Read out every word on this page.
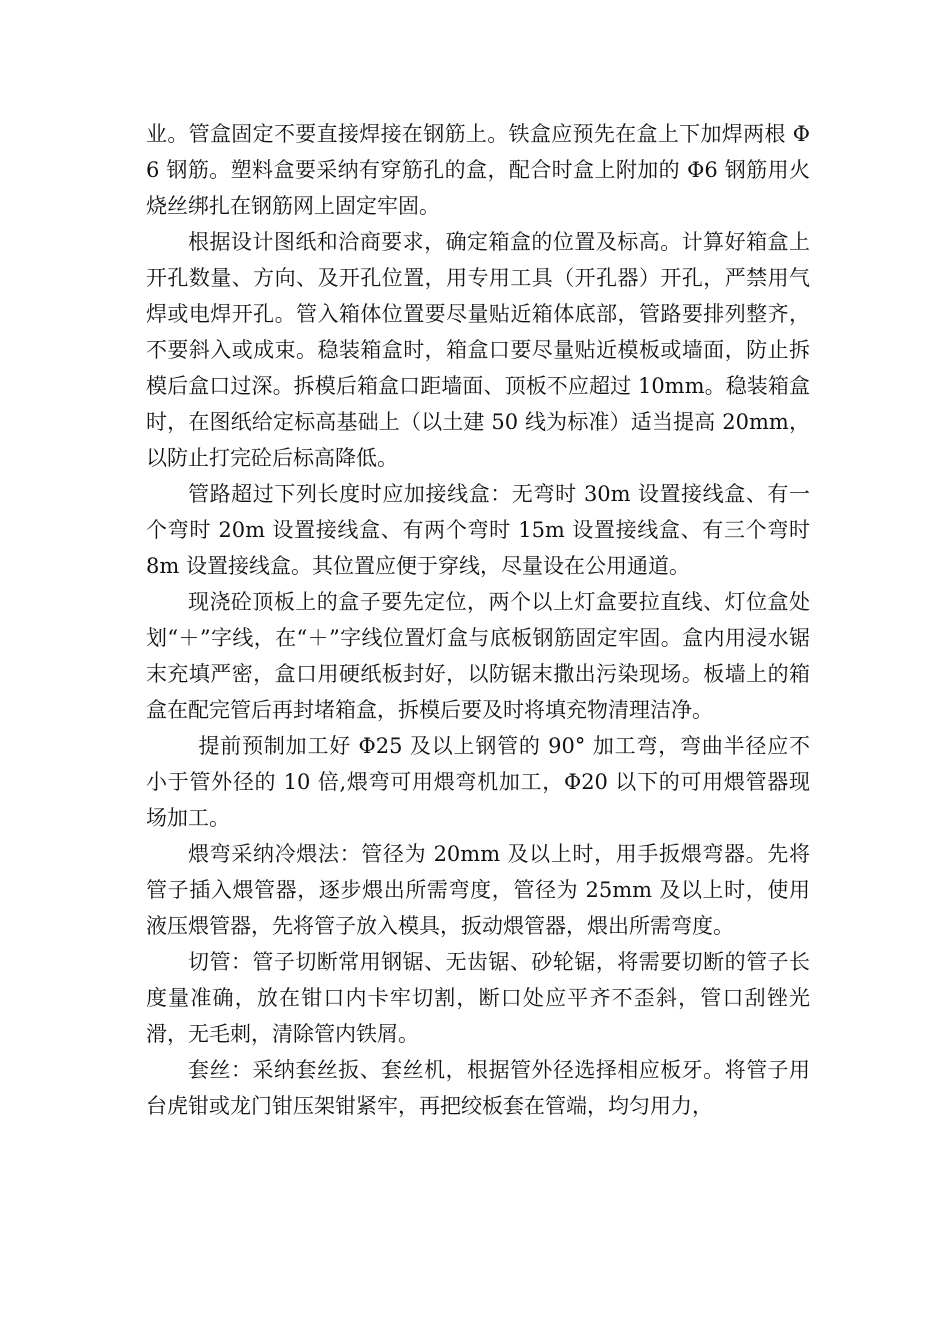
业。管盒固定不要直接焊接在钢筋上。铁盒应预先在盒上下加焊两根 Φ6 钢筋。塑料盒要采纳有穿筋孔的盒，配合时盒上附加的 Φ6 钢筋用火烧丝绑扎在钢筋网上固定牢固。

根据设计图纸和洽商要求，确定箱盒的位置及标高。计算好箱盒上开孔数量、方向、及开孔位置，用专用工具（开孔器）开孔，严禁用气焊或电焊开孔。管入箱体位置要尽量贴近箱体底部，管路要排列整齐，不要斜入或成束。稳装箱盒时，箱盒口要尽量贴近模板或墙面，防止拆模后盒口过深。拆模后箱盒口距墙面、顶板不应超过 10mm。稳装箱盒时，在图纸给定标高基础上（以土建 50 线为标准）适当提高 20mm，以防止打完砼后标高降低。

管路超过下列长度时应加接线盒：无弯时 30m 设置接线盒、有一个弯时 20m 设置接线盒、有两个弯时 15m 设置接线盒、有三个弯时 8m 设置接线盒。其位置应便于穿线，尽量设在公用通道。

现浇砼顶板上的盒子要先定位，两个以上灯盒要拉直线、灯位盒处划“＋”字线，在“＋”字线位置灯盒与底板钢筋固定牢固。盒内用浸水锯末充填严密，盒口用硬纸板封好，以防锯末撒出污染现场。板墙上的箱盒在配完管后再封堵箱盒，拆模后要及时将填充物清理洁净。

提前预制加工好 Φ25 及以上钢管的 90° 加工弯，弯曲半径应不小于管外径的 10 倍,煨弯可用煨弯机加工，Φ20 以下的可用煨管器现场加工。

煨弯采纳冷煨法：管径为 20mm 及以上时，用手扳煨弯器。先将管子插入煨管器，逐步煨出所需弯度，管径为 25mm 及以上时，使用液压煨管器，先将管子放入模具，扳动煨管器，煨出所需弯度。

切管：管子切断常用钢锯、无齿锯、砂轮锯，将需要切断的管子长度量准确，放在钳口内卡牢切割，断口处应平齐不歪斜，管口刮锉光滑，无毛刺，清除管内铁屑。

套丝：采纳套丝扳、套丝机，根据管外径选择相应板牙。将管子用台虎钳或龙门钳压架钳紧牢，再把绞板套在管端，均匀用力，
